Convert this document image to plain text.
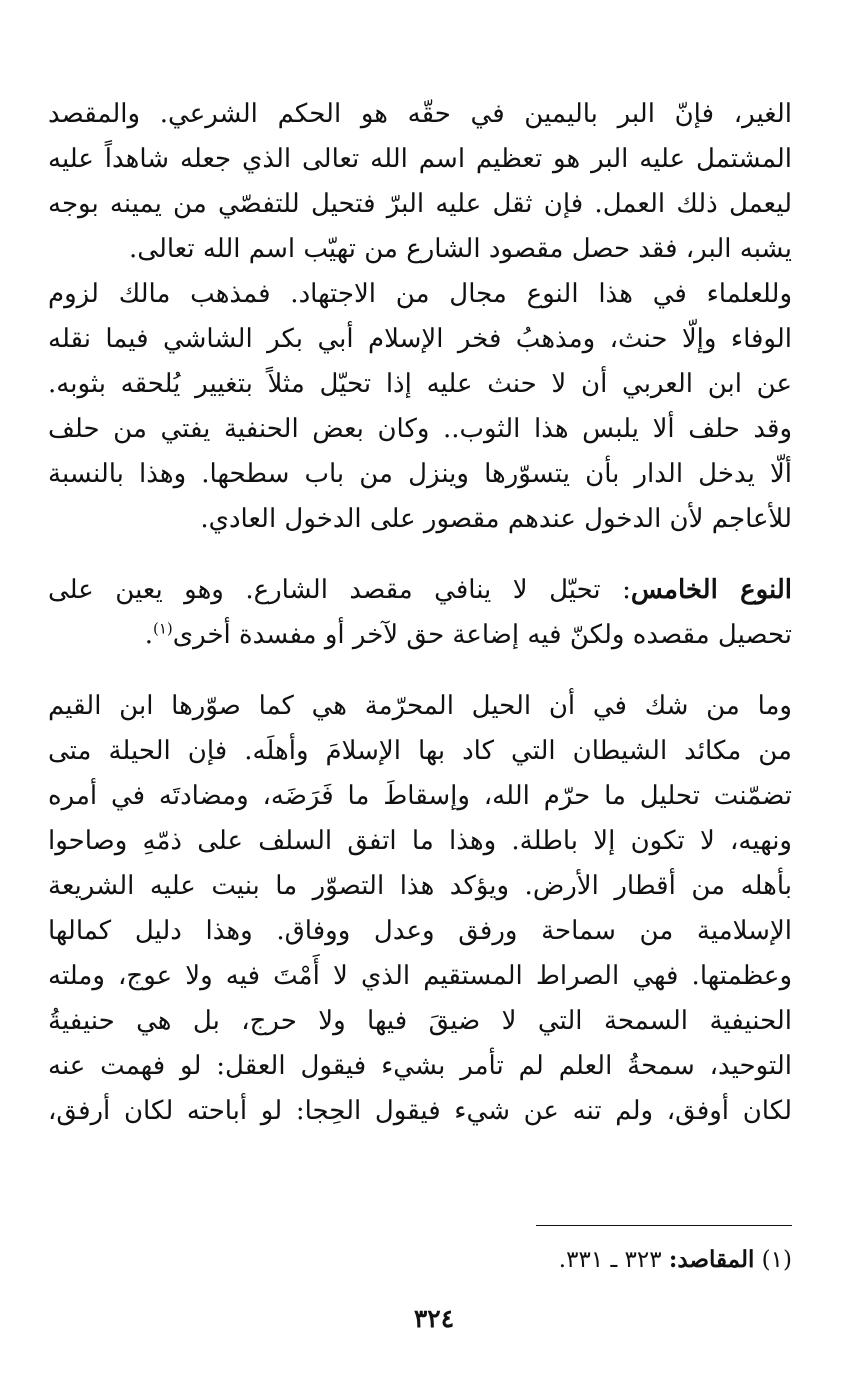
الغير، فإنّ البر باليمين في حقّه هو الحكم الشرعي. والمقصد
المشتمل عليه البر هو تعظيم اسم الله تعالى الذي جعله شاهداً عليه
ليعمل ذلك العمل. فإن ثقل عليه البرّ فتحيل للتفصّي من يمينه بوجه
يشبه البر، فقد حصل مقصود الشارع من تهيّب اسم الله تعالى.
وللعلماء في هذا النوع مجال من الاجتهاد. فمذهب مالك لزوم
الوفاء وإلّا حنث، ومذهبُ فخر الإسلام أبي بكر الشاشي فيما نقله
عن ابن العربي أن لا حنث عليه إذا تحيّل مثلاً بتغيير يُلحقه بثوبه.
وقد حلف ألا يلبس هذا الثوب.. وكان بعض الحنفية يفتي من حلف
ألّا يدخل الدار بأن يتسوّرها وينزل من باب سطحها. وهذا بالنسبة
للأعاجم لأن الدخول عندهم مقصور على الدخول العادي.
النوع الخامس: تحيّل لا ينافي مقصد الشارع. وهو يعين على
تحصيل مقصده ولكنّ فيه إضاعة حق لآخر أو مفسدة أخرى$^{(١)}$.
وما من شك في أن الحيل المحرّمة هي كما صوّرها ابن القيم
من مكائد الشيطان التي كاد بها الإسلامَ وأهلَه. فإن الحيلة متى
تضمّنت تحليل ما حرّم الله، وإسقاطَ ما فَرَضَه، ومضادتَه في أمره
ونهيه، لا تكون إلا باطلة. وهذا ما اتفق السلف على ذمّهِ وصاحوا
بأهله من أقطار الأرض. ويؤكد هذا التصوّر ما بنيت عليه الشريعة
الإسلامية من سماحة ورفق وعدل ووفاق. وهذا دليل كمالها
وعظمتها. فهي الصراط المستقيم الذي لا أَمْتَ فيه ولا عوج، وملته
الحنيفية السمحة التي لا ضيقَ فيها ولا حرج، بل هي حنيفيةُ
التوحيد، سمحةُ العلم لم تأمر بشيء فيقول العقل: لو فهمت عنه
لكان أوفق، ولم تنه عن شيء فيقول الحِجا: لو أباحته لكان أرفق،
(١) المقاصد: ٣٢٣ ـ ٣٣١.
٣٢٤
